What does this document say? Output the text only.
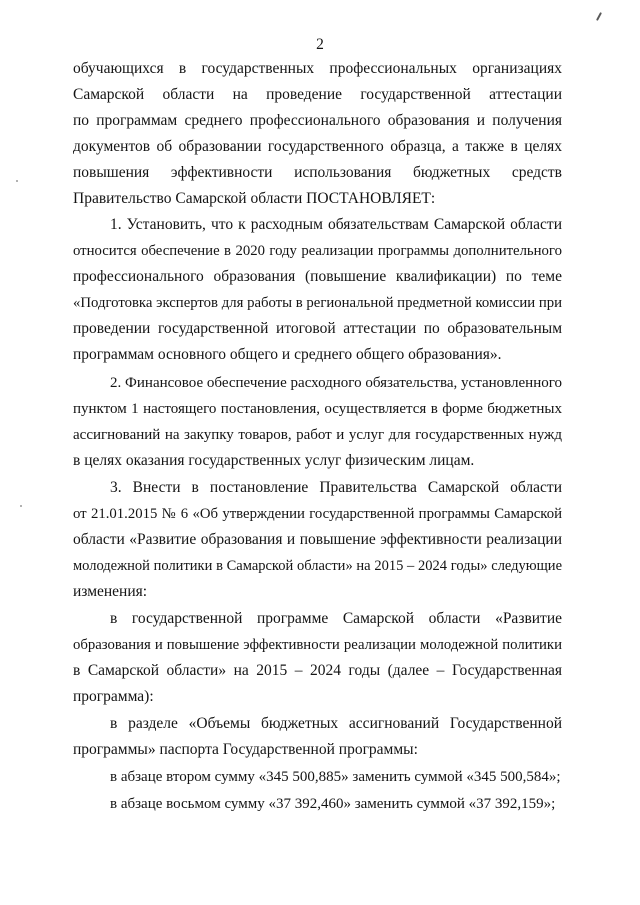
2
обучающихся в государственных профессиональных организациях
Самарской области на проведение государственной аттестации
по программам среднего профессионального образования и получения
документов об образовании государственного образца, а также в целях
повышения эффективности использования бюджетных средств
Правительство Самарской области ПОСТАНОВЛЯЕТ:
1. Установить, что к расходным обязательствам Самарской области
относится обеспечение в 2020 году реализации программы дополнительного
профессионального образования (повышение квалификации) по теме
«Подготовка экспертов для работы в региональной предметной комиссии при
проведении государственной итоговой аттестации по образовательным
программам основного общего и среднего общего образования».
2. Финансовое обеспечение расходного обязательства, установленного
пунктом 1 настоящего постановления, осуществляется в форме бюджетных
ассигнований на закупку товаров, работ и услуг для государственных нужд
в целях оказания государственных услуг физическим лицам.
3. Внести в постановление Правительства Самарской области
от 21.01.2015 № 6 «Об утверждении государственной программы Самарской
области «Развитие образования и повышение эффективности реализации
молодежной политики в Самарской области» на 2015 – 2024 годы» следующие
изменения:
в государственной программе Самарской области «Развитие
образования и повышение эффективности реализации молодежной политики
в Самарской области» на 2015 – 2024 годы (далее – Государственная
программа):
в разделе «Объемы бюджетных ассигнований Государственной
программы» паспорта Государственной программы:
в абзаце втором сумму «345 500,885» заменить суммой «345 500,584»;
в абзаце восьмом сумму «37 392,460» заменить суммой «37 392,159»;
